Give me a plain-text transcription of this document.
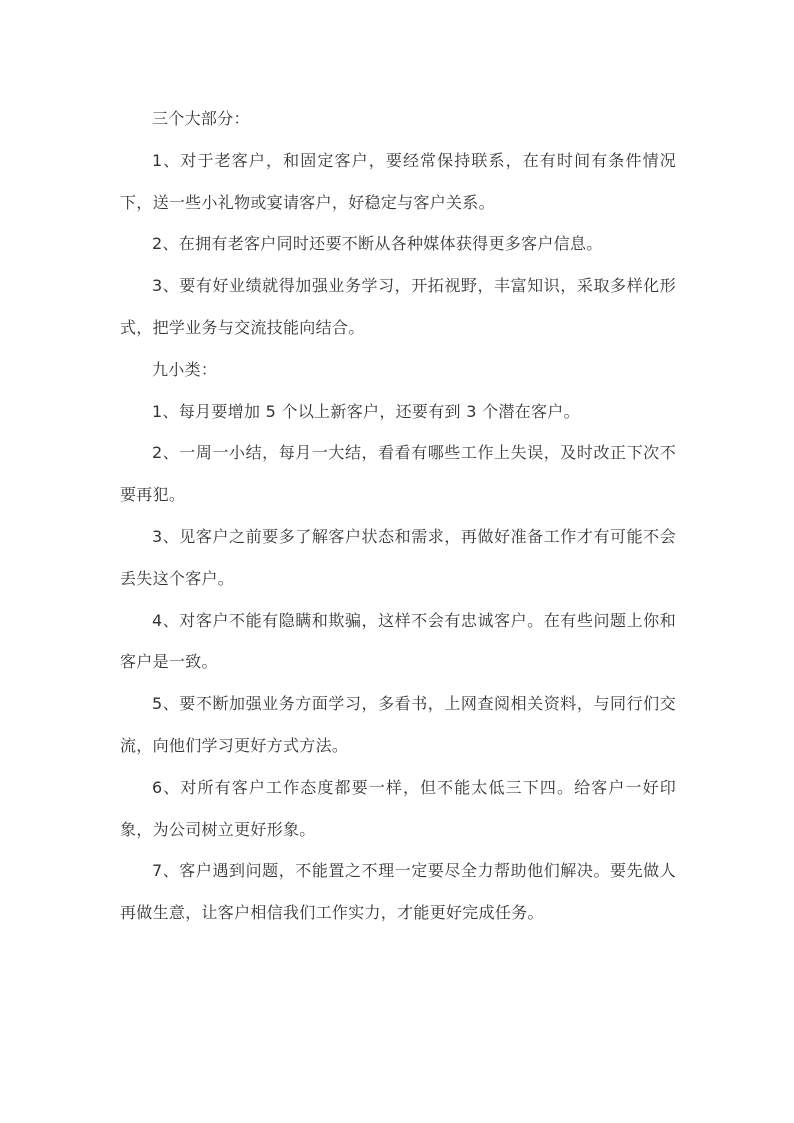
三个大部分：

1、对于老客户，和固定客户，要经常保持联系，在有时间有条件情况下，送一些小礼物或宴请客户，好稳定与客户关系。

2、在拥有老客户同时还要不断从各种媒体获得更多客户信息。

3、要有好业绩就得加强业务学习，开拓视野，丰富知识，采取多样化形式，把学业务与交流技能向结合。

九小类：

1、每月要增加 5 个以上新客户，还要有到 3 个潜在客户。

2、一周一小结，每月一大结，看看有哪些工作上失误，及时改正下次不要再犯。

3、见客户之前要多了解客户状态和需求，再做好准备工作才有可能不会丢失这个客户。

4、对客户不能有隐瞒和欺骗，这样不会有忠诚客户。在有些问题上你和客户是一致。

5、要不断加强业务方面学习，多看书，上网查阅相关资料，与同行们交流，向他们学习更好方式方法。

6、对所有客户工作态度都要一样，但不能太低三下四。给客户一好印象，为公司树立更好形象。

7、客户遇到问题，不能置之不理一定要尽全力帮助他们解决。要先做人再做生意，让客户相信我们工作实力，才能更好完成任务。
